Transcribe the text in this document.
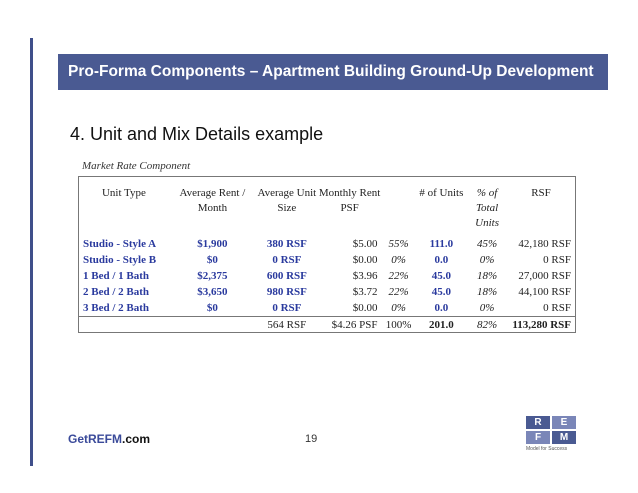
Pro-Forma Components – Apartment Building Ground-Up Development
4. Unit and Mix Details example
Market Rate Component
Unit Type	Average Rent / Month	Average Unit Size	Monthly Rent PSF		# of Units	% of Total Units	RSF
Studio - Style A	$1,900	380 RSF	$5.00	55%	111.0	45%	42,180 RSF
Studio - Style B	$0	0 RSF	$0.00	0%	0.0	0%	0 RSF
1 Bed / 1 Bath	$2,375	600 RSF	$3.96	22%	45.0	18%	27,000 RSF
2 Bed / 2 Bath	$3,650	980 RSF	$3.72	22%	45.0	18%	44,100 RSF
3 Bed / 2 Bath	$0	0 RSF	$0.00	0%	0.0	0%	0 RSF
		564 RSF	$4.26 PSF	100%	201.0	82%	113,280 RSF
GetREFM.com	19
R	E
F	M
Model for Success
